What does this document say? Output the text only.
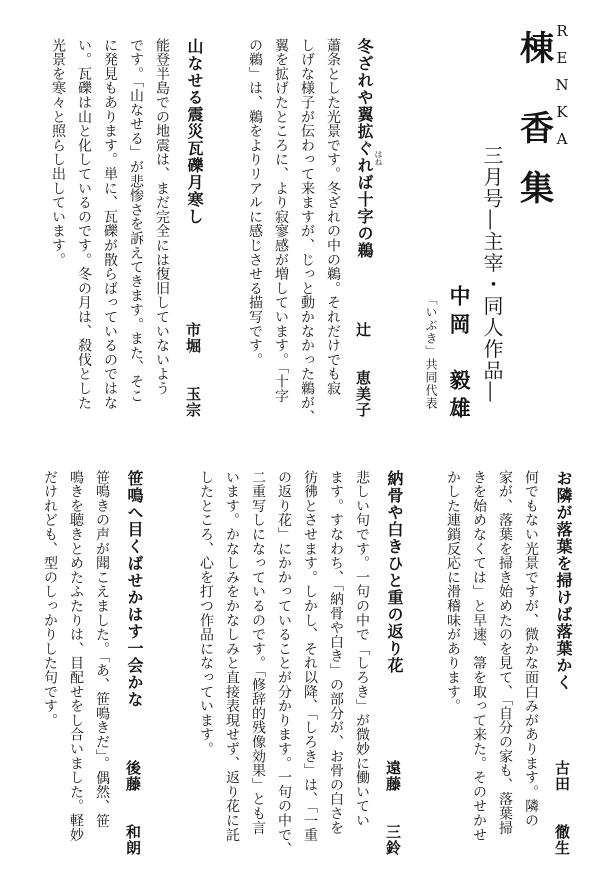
棟
香
集
R
E
N
K
A
三月号―主宰・同人作品―
中岡　毅雄
「いぶき」共同代表
冬ざれや翼拡ぐれば十字の鵜 はね
辻　　恵美子
蕭条とした光景です。冬ざれの中の鵜。それだけでも寂
しげな様子が伝わって来ますが、じっと動かなかった鵜が、
翼を拡げたところに、より寂寥感が増しています。「十字
の鵜」は、鵜をよりリアルに感じさせる描写です。
山なせる震災瓦礫月寒し
市堀　　玉宗
能登半島での地震は、まだ完全には復旧していないよう
です。「山なせる」が悲惨さを訴えてきます。また、そこ
に発見もあります。単に、瓦礫が散らばっているのではな
い。瓦礫は山と化しているのです。冬の月は、殺伐とした
光景を寒々と照らし出しています。
お隣が落葉を掃けば落葉かく
古田　　徹生
何でもない光景ですが、微かな面白みがあります。隣の
家が、落葉を掃き始めたのを見て、「自分の家も、落葉掃
きを始めなくては」と早速、箒を取って来た。そのせかせ
かした連鎖反応に滑稽味があります。
納骨や白きひと重の返り花
遠藤　　三鈴
悲しい句です。一句の中で「しろき」が微妙に働いてい
ます。すなわち、「納骨や白き」の部分が、お骨の白さを
彷彿とさせます。しかし、それ以降、「しろき」は、「一重
の返り花」にかかっていることが分かります。一句の中で、
二重写しになっているのです。「修辞的残像効果」とも言
います。かなしみをかなしみと直接表現せず、返り花に託
したところ、心を打つ作品になっています。
笹鳴へ目くばせかはす一会かな
後藤　　和朗
笹鳴きの声が聞こえました。「あ、笹鳴きだ」。偶然、笹
鳴きを聴きとめたふたりは、目配せをし合いました。軽妙
だけれども、型のしっかりした句です。
